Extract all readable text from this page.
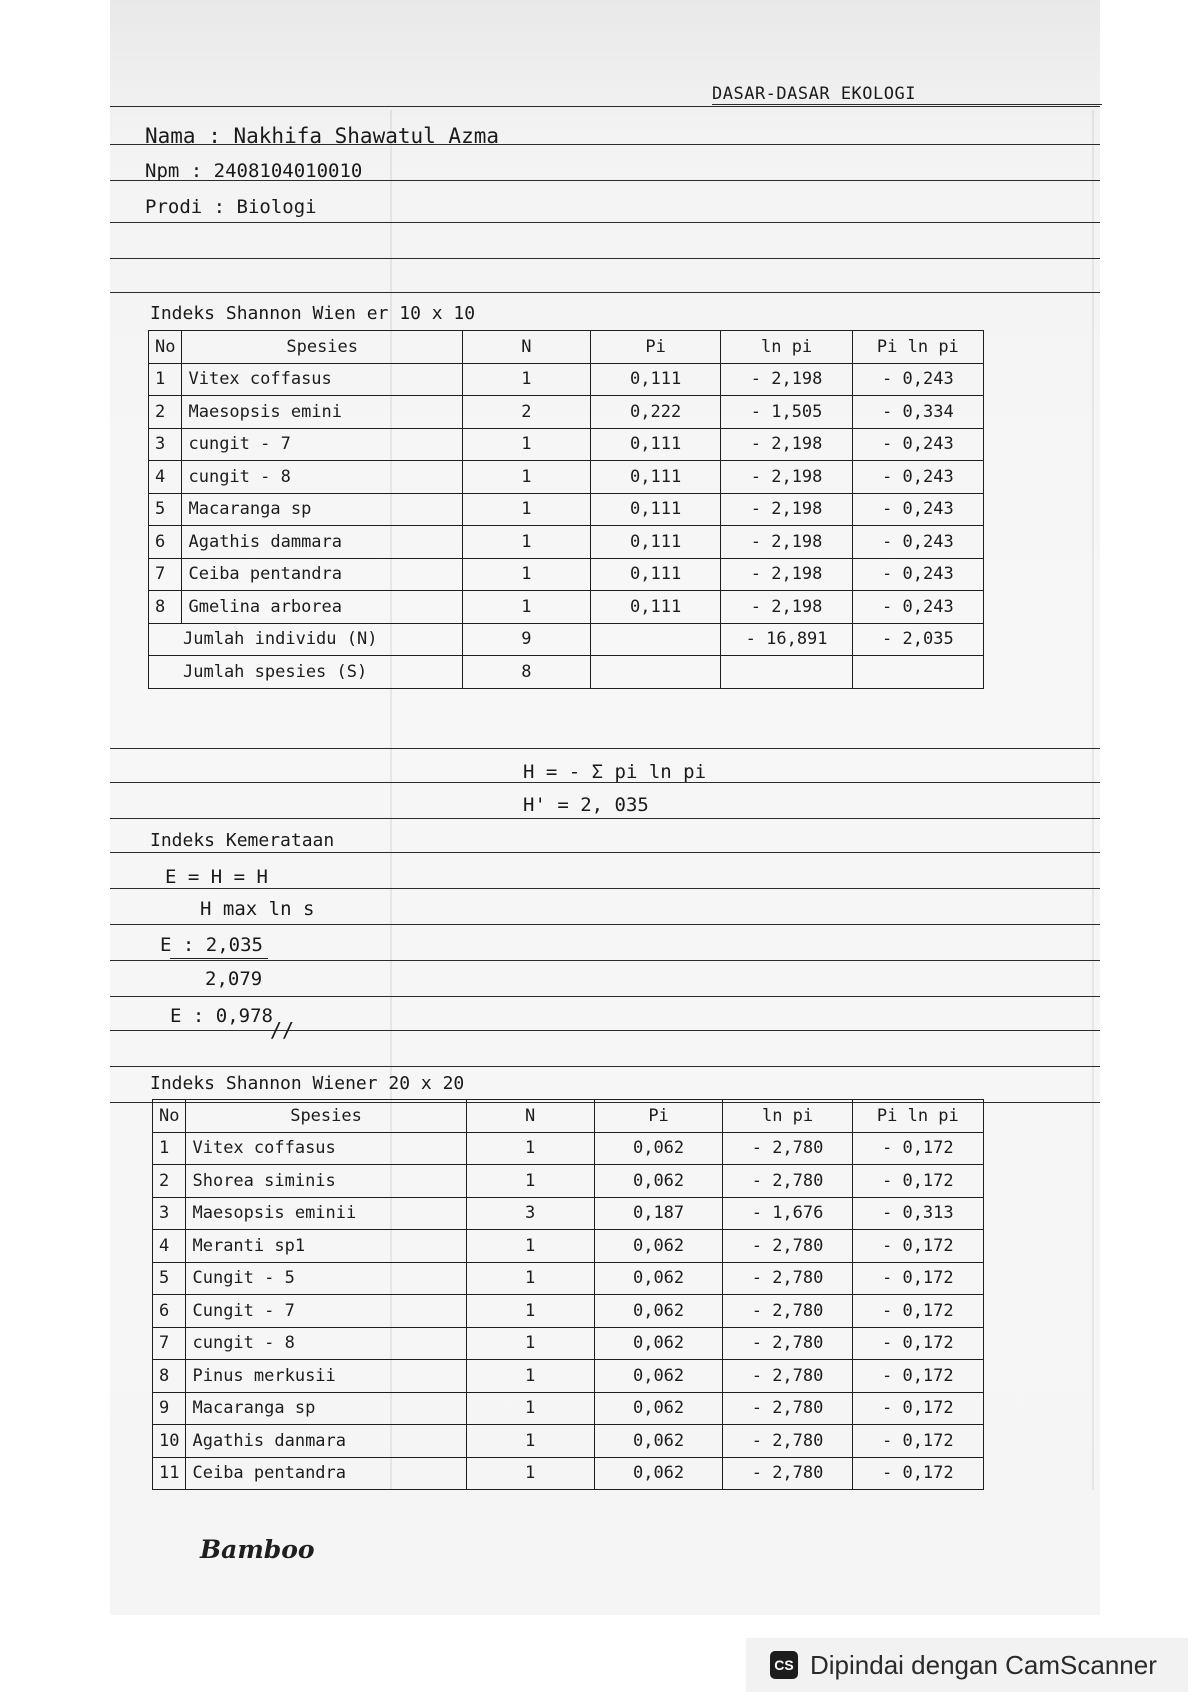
DASAR-DASAR EKOLOGI
Nama : Nakhifa Shawatul Azma
Npm : 2408104010010
Prodi : Biologi
Indeks Shannon Wien er 10 x 10
No	Spesies	N	Pi	ln pi	Pi ln pi
1	Vitex coffasus	1	0,111	- 2,198	- 0,243
2	Maesopsis emini	2	0,222	- 1,505	- 0,334
3	cungit - 7	1	0,111	- 2,198	- 0,243
4	cungit - 8	1	0,111	- 2,198	- 0,243
5	Macaranga sp	1	0,111	- 2,198	- 0,243
6	Agathis dammara	1	0,111	- 2,198	- 0,243
7	Ceiba pentandra	1	0,111	- 2,198	- 0,243
8	Gmelina arborea	1	0,111	- 2,198	- 0,243
Jumlah individu (N)		9		- 16,891	- 2,035
Jumlah spesies (S)		8			
H = - Σ pi ln pi
H' = 2, 035
Indeks Kemerataan
E = H = H
H max ln s
E : 2,035
2,079
E : 0,978
//
Indeks Shannon Wiener 20 x 20
No	Spesies	N	Pi	ln pi	Pi ln pi
1	Vitex coffasus	1	0,062	- 2,780	- 0,172
2	Shorea siminis	1	0,062	- 2,780	- 0,172
3	Maesopsis eminii	3	0,187	- 1,676	- 0,313
4	Meranti sp1	1	0,062	- 2,780	- 0,172
5	Cungit - 5	1	0,062	- 2,780	- 0,172
6	Cungit - 7	1	0,062	- 2,780	- 0,172
7	cungit - 8	1	0,062	- 2,780	- 0,172
8	Pinus merkusii	1	0,062	- 2,780	- 0,172
9	Macaranga sp	1	0,062	- 2,780	- 0,172
10	Agathis danmara	1	0,062	- 2,780	- 0,172
11	Ceiba pentandra	1	0,062	- 2,780	- 0,172
Bamboo
CS Dipindai dengan CamScanner
